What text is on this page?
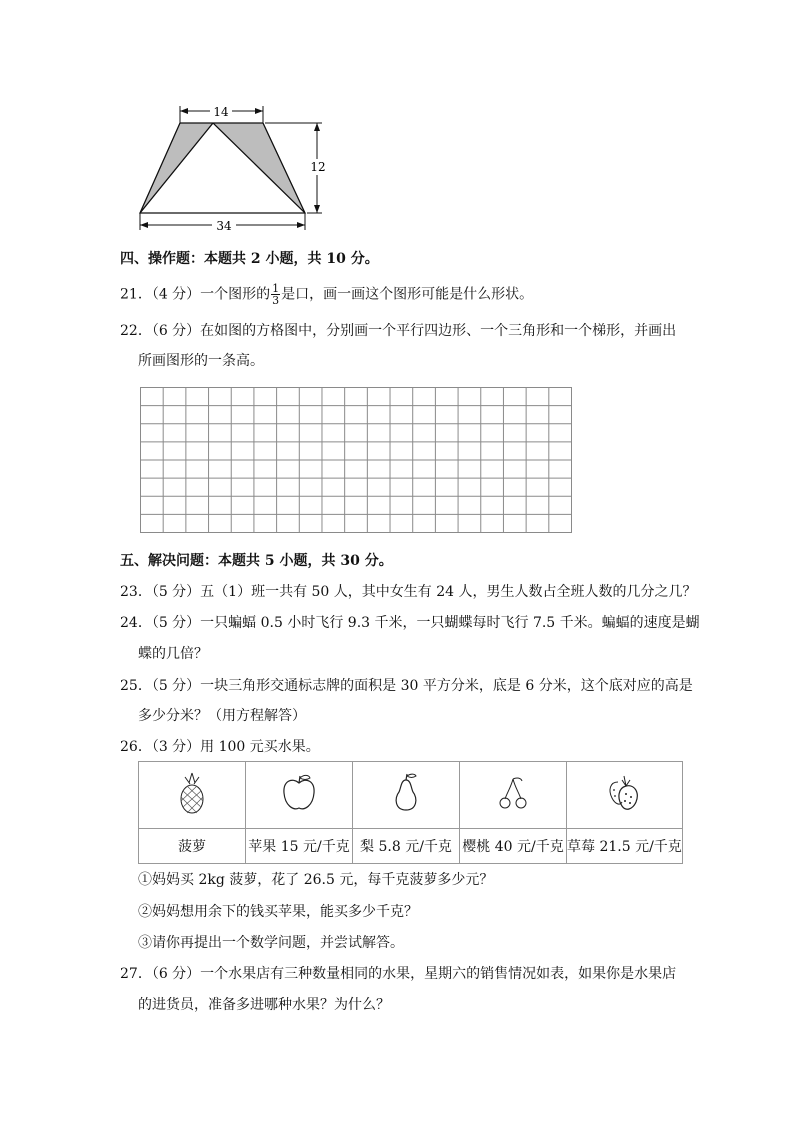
14
12
34
四、操作题：本题共 2 小题，共 10 分。
21．（4 分）一个图形的 $\frac{1}{3}$ 是口，画一画这个图形可能是什么形状。
22．（6 分）在如图的方格图中，分别画一个平行四边形、一个三角形和一个梯形，并画出
所画图形的一条高。
五、解决问题：本题共 5 小题，共 30 分。
23．（5 分）五（1）班一共有 50 人，其中女生有 24 人，男生人数占全班人数的几分之几？
24．（5 分）一只蝙蝠 0.5 小时飞行 9.3 千米，一只蝴蝶每时飞行 7.5 千米。蝙蝠的速度是蝴
蝶的几倍？
25．（5 分）一块三角形交通标志牌的面积是 30 平方分米，底是 6 分米，这个底对应的高是
多少分米？（用方程解答）
26．（3 分）用 100 元买水果。

菠萝	苹果 15 元/千克	梨 5.8 元/千克	樱桃 40 元/千克	草莓 21.5 元/千克
①妈妈买 2kg 菠萝，花了 26.5 元，每千克菠萝多少元？
②妈妈想用余下的钱买苹果，能买多少千克？
③请你再提出一个数学问题，并尝试解答。
27．（6 分）一个水果店有三种数量相同的水果，星期六的销售情况如表，如果你是水果店
的进货员，准备多进哪种水果？为什么？
